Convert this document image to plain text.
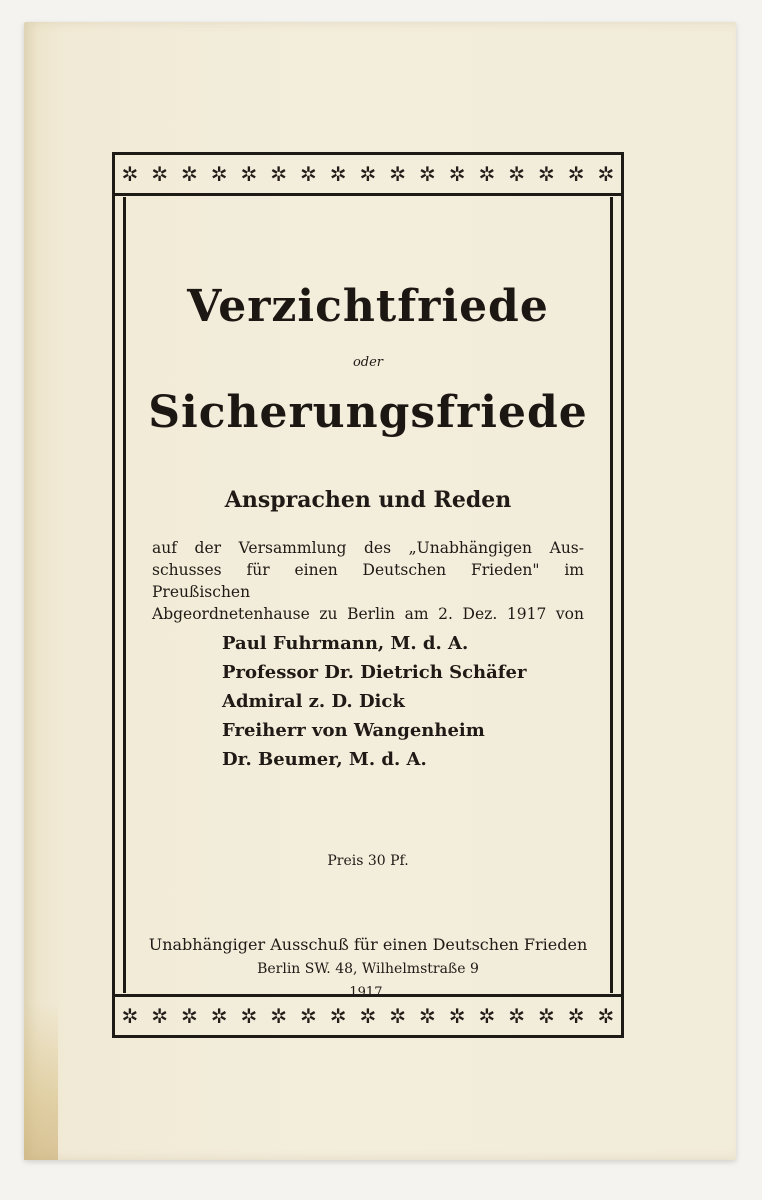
✲ ✲ ✲ ✲ ✲ ✲ ✲ ✲ ✲ ✲ ✲ ✲ ✲ ✲ ✲ ✲ ✲
Verzichtfriede
oder
Sicherungsfriede
Ansprachen und Reden
auf der Versammlung des „Unabhängigen Aus-
schusses für einen Deutschen Frieden" im Preußischen
Abgeordnetenhause zu Berlin am 2. Dez. 1917 von
Paul Fuhrmann, M. d. A.
Professor Dr. Dietrich Schäfer
Admiral z. D. Dick
Freiherr von Wangenheim
Dr. Beumer, M. d. A.
Preis 30 Pf.
Unabhängiger Ausschuß für einen Deutschen Frieden
Berlin SW. 48, Wilhelmstraße 9
1917.
✲ ✲ ✲ ✲ ✲ ✲ ✲ ✲ ✲ ✲ ✲ ✲ ✲ ✲ ✲ ✲ ✲
